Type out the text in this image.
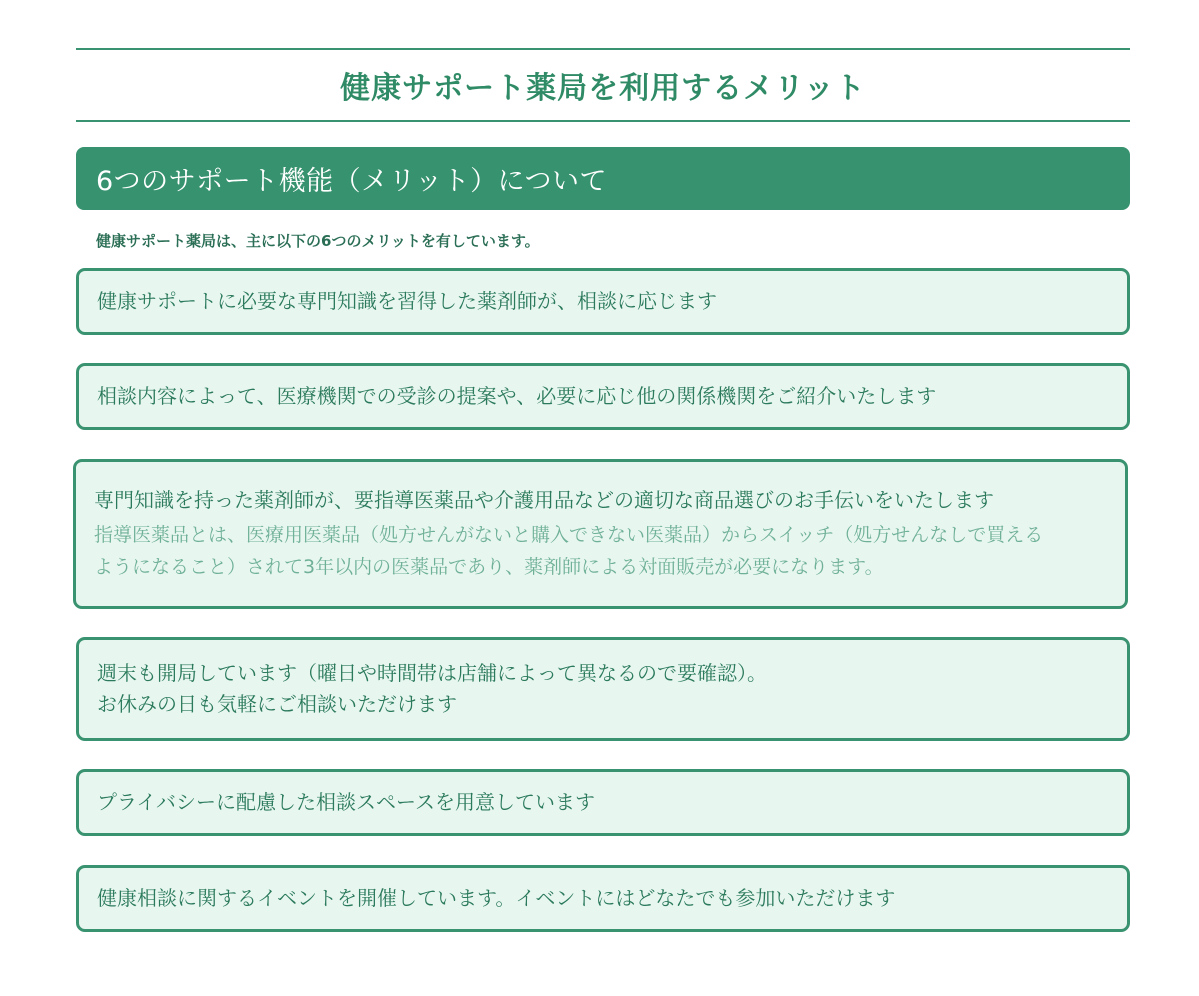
健康サポート薬局を利用するメリット
6つのサポート機能（メリット）について
健康サポート薬局は、主に以下の6つのメリットを有しています。
健康サポートに必要な専門知識を習得した薬剤師が、相談に応じます
相談内容によって、医療機関での受診の提案や、必要に応じ他の関係機関をご紹介いたします
専門知識を持った薬剤師が、要指導医薬品や介護用品などの適切な商品選びのお手伝いをいたします
指導医薬品とは、医療用医薬品（処方せんがないと購入できない医薬品）からスイッチ（処方せんなしで買える
ようになること）されて3年以内の医薬品であり、薬剤師による対面販売が必要になります。
週末も開局しています（曜日や時間帯は店舗によって異なるので要確認）。
お休みの日も気軽にご相談いただけます
プライバシーに配慮した相談スペースを用意しています
健康相談に関するイベントを開催しています。イベントにはどなたでも参加いただけます
